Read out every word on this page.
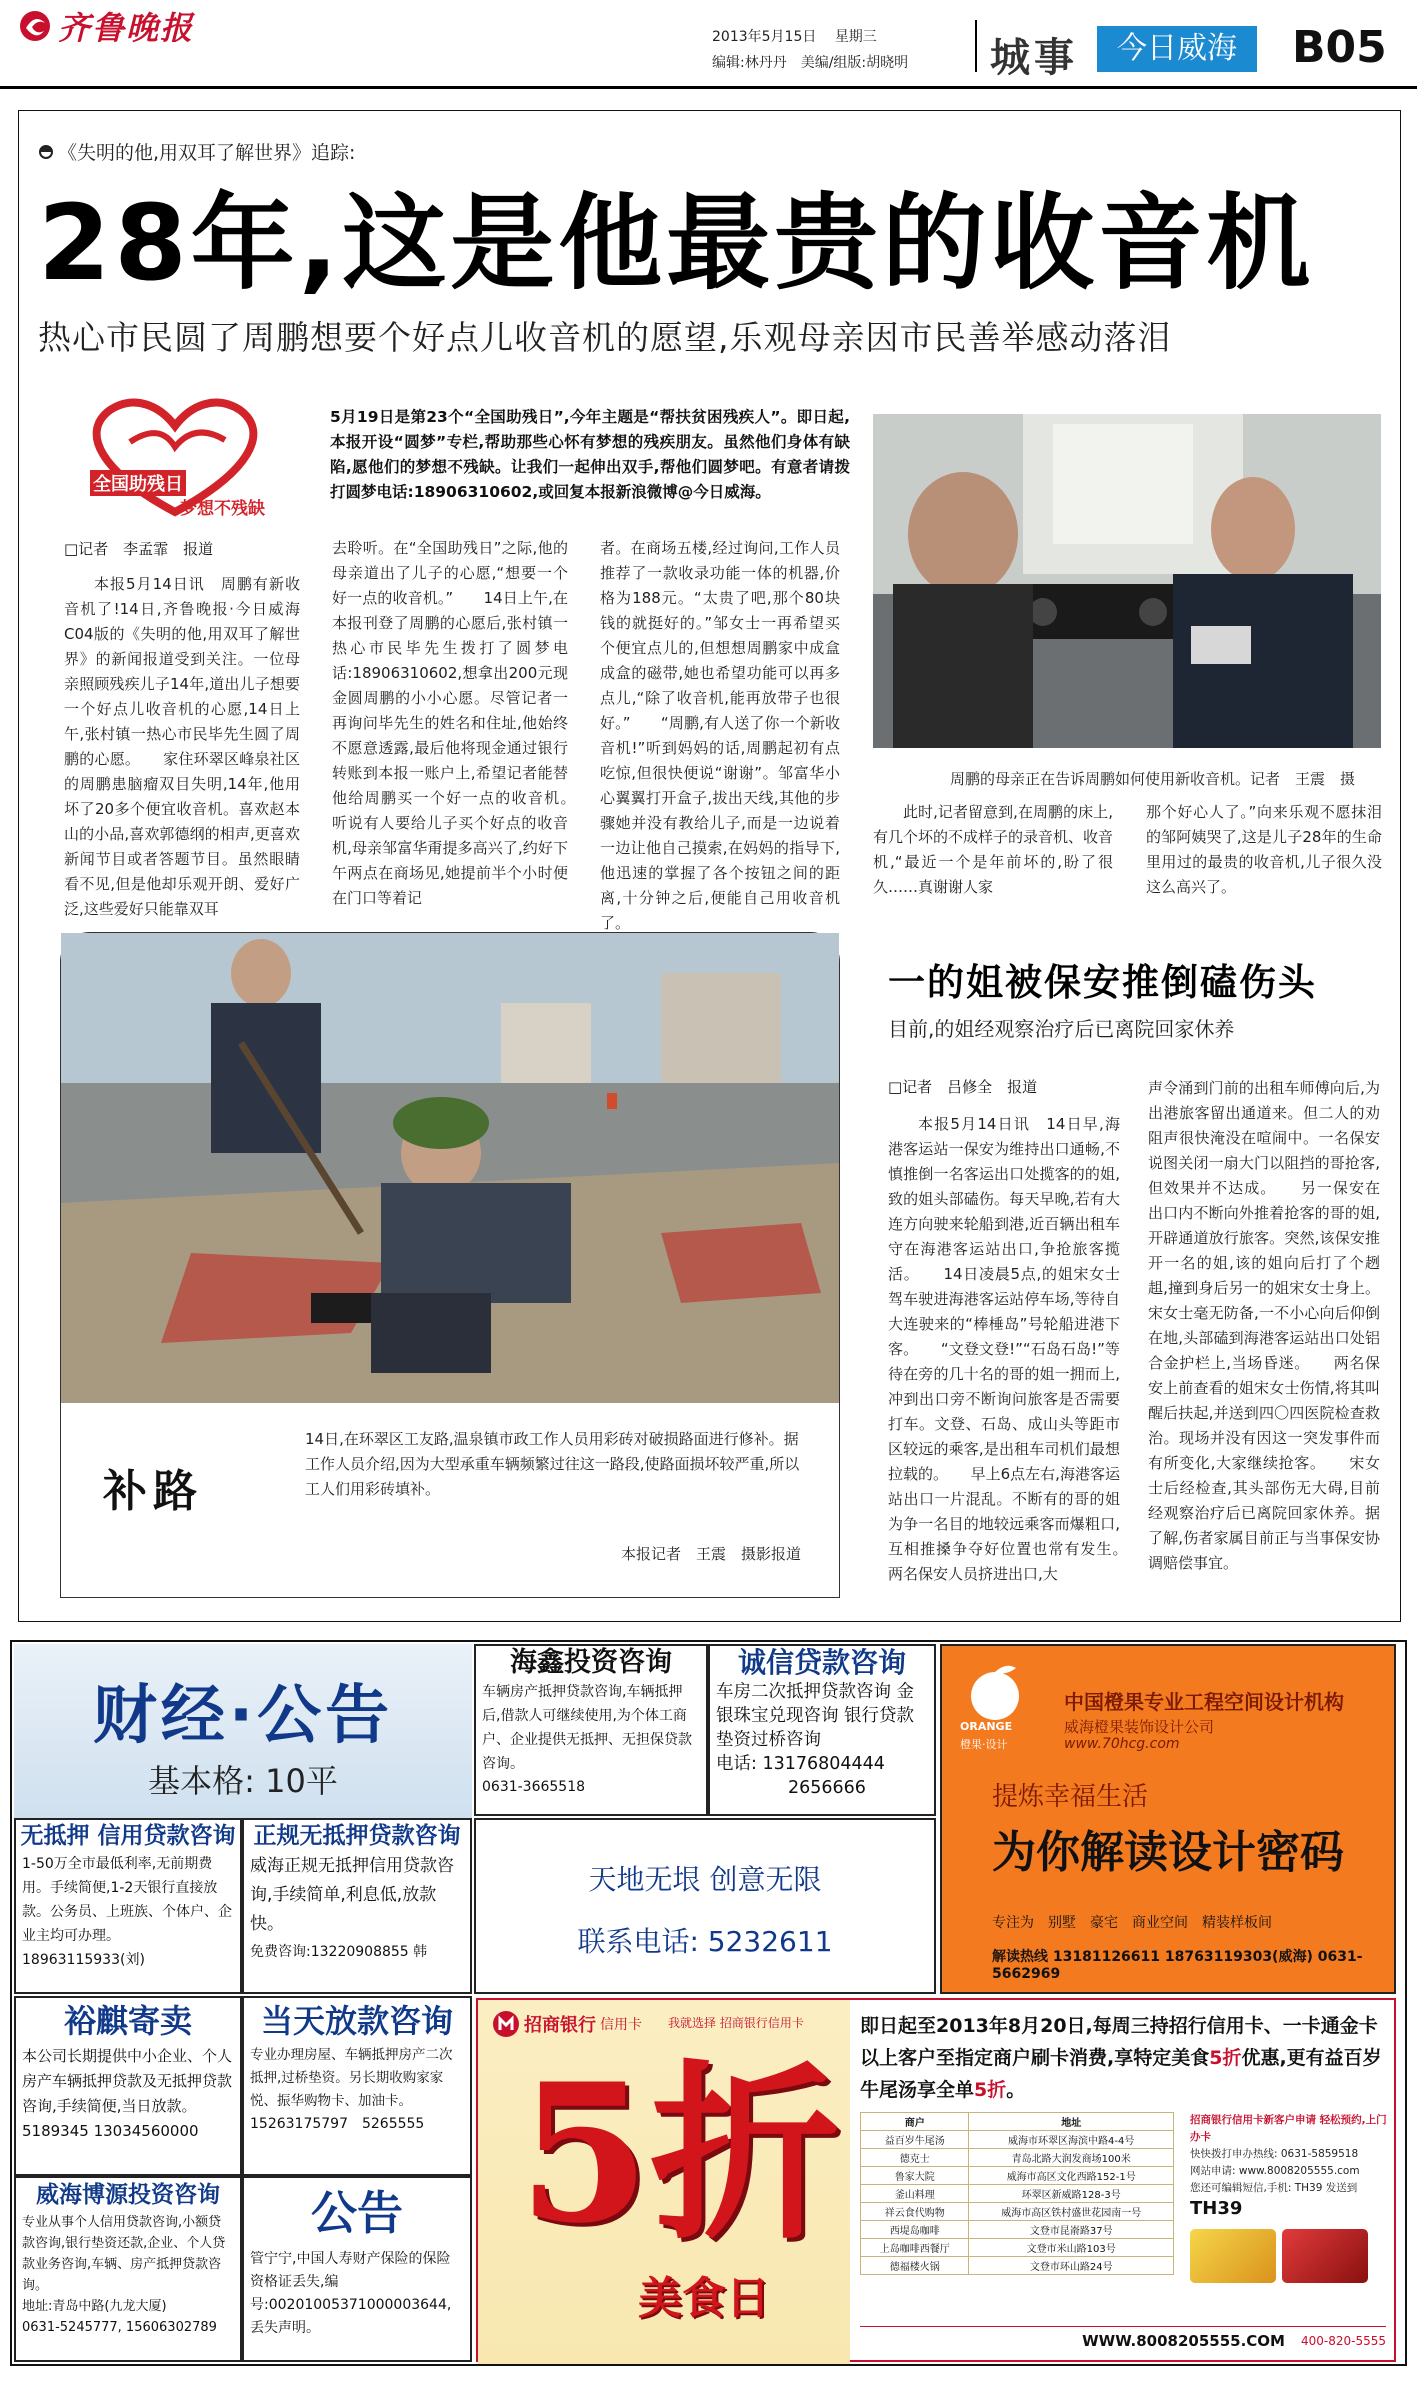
齐鲁晚报	2013年5月15日　 星期三
编辑:林丹丹　美编/组版:胡晓明 城事	今日威海	B05
《失明的他,用双耳了解世界》追踪:
28年,这是他最贵的收音机
热心市民圆了周鹏想要个好点儿收音机的愿望,乐观母亲因市民善举感动落泪
全国助残日
梦想不残缺
5月19日是第23个“全国助残日”,今年主题是“帮扶贫困残疾人”。即日起,本报开设“圆梦”专栏,帮助那些心怀有梦想的残疾朋友。虽然他们身体有缺陷,愿他们的梦想不残缺。让我们一起伸出双手,帮他们圆梦吧。有意者请拨打圆梦电话:18906310602,或回复本报新浪微博@今日威海。
□记者　李孟霏　报道

本报5月14日讯　周鹏有新收音机了!14日,齐鲁晚报·今日威海C04版的《失明的他,用双耳了解世界》的新闻报道受到关注。一位母亲照顾残疾儿子14年,道出儿子想要一个好点儿收音机的心愿,14日上午,张村镇一热心市民毕先生圆了周鹏的心愿。　　家住环翠区峰泉社区的周鹏患脑瘤双目失明,14年,他用坏了20多个便宜收音机。喜欢赵本山的小品,喜欢郭德纲的相声,更喜欢新闻节目或者答题节目。虽然眼睛看不见,但是他却乐观开朗、爱好广泛,这些爱好只能靠双耳

去聆听。在“全国助残日”之际,他的母亲道出了儿子的心愿,“想要一个好一点的收音机。”　　14日上午,在本报刊登了周鹏的心愿后,张村镇一热心市民毕先生拨打了圆梦电话:18906310602,想拿出200元现金圆周鹏的小小心愿。尽管记者一再询问毕先生的姓名和住址,他始终不愿意透露,最后他将现金通过银行转账到本报一账户上,希望记者能替他给周鹏买一个好一点的收音机。　　听说有人要给儿子买个好点的收音机,母亲邹富华甭提多高兴了,约好下午两点在商场见,她提前半个小时便在门口等着记

者。在商场五楼,经过询问,工作人员推荐了一款收录功能一体的机器,价格为188元。“太贵了吧,那个80块钱的就挺好的。”邹女士一再希望买个便宜点儿的,但想想周鹏家中成盒成盒的磁带,她也希望功能可以再多点儿,“除了收音机,能再放带子也很好。”　　“周鹏,有人送了你一个新收音机!”听到妈妈的话,周鹏起初有点吃惊,但很快便说“谢谢”。邹富华小心翼翼打开盒子,拔出天线,其他的步骤她并没有教给儿子,而是一边说着一边让他自己摸索,在妈妈的指导下,他迅速的掌握了各个按钮之间的距离,十分钟之后,便能自己用收音机了。

周鹏的母亲正在告诉周鹏如何使用新收音机。记者　王震　摄

此时,记者留意到,在周鹏的床上,有几个坏的不成样子的录音机、收音机,“最近一个是年前坏的,盼了很久……真谢谢人家

那个好心人了。”向来乐观不愿抹泪的邹阿姨哭了,这是儿子28年的生命里用过的最贵的收音机,儿子很久没这么高兴了。

补路
14日,在环翠区工友路,温泉镇市政工作人员用彩砖对破损路面进行修补。据工作人员介绍,因为大型承重车辆频繁过往这一路段,使路面损坏较严重,所以工人们用彩砖填补。
本报记者　王震　摄影报道
一的姐被保安推倒磕伤头
目前,的姐经观察治疗后已离院回家休养
□记者　吕修全　报道

本报5月14日讯　14日早,海港客运站一保安为维持出口通畅,不慎推倒一名客运出口处揽客的的姐,致的姐头部磕伤。每天早晚,若有大连方向驶来轮船到港,近百辆出租车守在海港客运站出口,争抢旅客揽活。　　14日凌晨5点,的姐宋女士驾车驶进海港客运站停车场,等待自大连驶来的“棒棰岛”号轮船进港下客。　　“文登文登!”“石岛石岛!”等待在旁的几十名的哥的姐一拥而上,冲到出口旁不断询问旅客是否需要打车。文登、石岛、成山头等距市区较远的乘客,是出租车司机们最想拉载的。　　早上6点左右,海港客运站出口一片混乱。不断有的哥的姐为争一名目的地较远乘客而爆粗口,互相推搡争夺好位置也常有发生。　　两名保安人员挤进出口,大

声令涌到门前的出租车师傅向后,为出港旅客留出通道来。但二人的劝阻声很快淹没在喧闹中。一名保安说图关闭一扇大门以阻挡的哥抢客,但效果并不达成。　　另一保安在出口内不断向外推着抢客的哥的姐,开辟通道放行旅客。突然,该保安推开一名的姐,该的姐向后打了个趔趄,撞到身后另一的姐宋女士身上。宋女士毫无防备,一不小心向后仰倒在地,头部磕到海港客运站出口处铝合金护栏上,当场昏迷。　　两名保安上前查看的姐宋女士伤情,将其叫醒后扶起,并送到四〇四医院检查救治。现场并没有因这一突发事件而有所变化,大家继续抢客。　　宋女士后经检查,其头部伤无大碍,目前经观察治疗后已离院回家休养。据了解,伤者家属目前正与当事保安协调赔偿事宜。

财经·公告
基本格: 10平
无抵押 信用贷款咨询
1-50万全市最低利率,无前期费用。手续简便,1-2天银行直接放款。公务员、上班族、个体户、企业主均可办理。18963115933(刘)
正规无抵押贷款咨询
威海正规无抵押信用贷款咨询,手续简单,利息低,放款快。
免费咨询:13220908855 韩
海鑫投资咨询
车辆房产抵押贷款咨询,车辆抵押后,借款人可继续使用,为个体工商户、企业提供无抵押、无担保贷款咨询。
0631-3665518
诚信贷款咨询
车房二次抵押贷款咨询 金银珠宝兑现咨询 银行贷款垫资过桥咨询
电话: 13176804444
2656666
天地无垠 创意无限
联系电话: 5232611
ORANGE
橙果·设计
中国橙果专业工程空间设计机构
威海橙果装饰设计公司
www.70hcg.com
提炼幸福生活
为你解读设计密码
专注为　别墅　豪宅　商业空间　精装样板间
解读热线 13181126611 18763119303(威海) 0631-5662969
裕麒寄卖
本公司长期提供中小企业、个人房产车辆抵押贷款及无抵押贷款咨询,手续简便,当日放款。
5189345 13034560000
当天放款咨询
专业办理房屋、车辆抵押房产二次抵押,过桥垫资。另长期收购家家悦、振华购物卡、加油卡。
15263175797　5265555
威海博源投资咨询
专业从事个人信用贷款咨询,小额贷款咨询,银行垫资还款,企业、个人贷款业务咨询,车辆、房产抵押贷款咨询。
地址:青岛中路(九龙大厦)
0631-5245777, 15606302789
公告
管宁宁,中国人寿财产保险的保险资格证丢失,编号:00201005371000003644,丢失声明。
招商银行 信用卡 我就选择 招商银行信用卡
5折
美食日
即日起至2013年8月20日,每周三持招行信用卡、一卡通金卡以上客户至指定商户刷卡消费,享特定美食5折优惠,更有益百岁牛尾汤享全单5折。
商户	地址
益百岁牛尾汤	威海市环翠区海滨中路4-4号
德克士	青岛北路大润发商场100米
鲁家大院	威海市高区文化西路152-1号
釜山料理	环翠区新威路128-3号
祥云食代购物	威海市高区铁村盛世花园南一号
西堤岛咖啡	文登市昆嵛路37号
上岛咖啡西餐厅	文登市米山路103号
德福楼火锅	文登市环山路24号
招商银行信用卡新客户申请 轻松预约,上门办卡
快快拨打申办热线: 0631-5859518
网站申请: www.8008205555.com
您还可编辑短信,手机: TH39 发送到
TH39
WWW.8008205555.COM 400-820-5555
